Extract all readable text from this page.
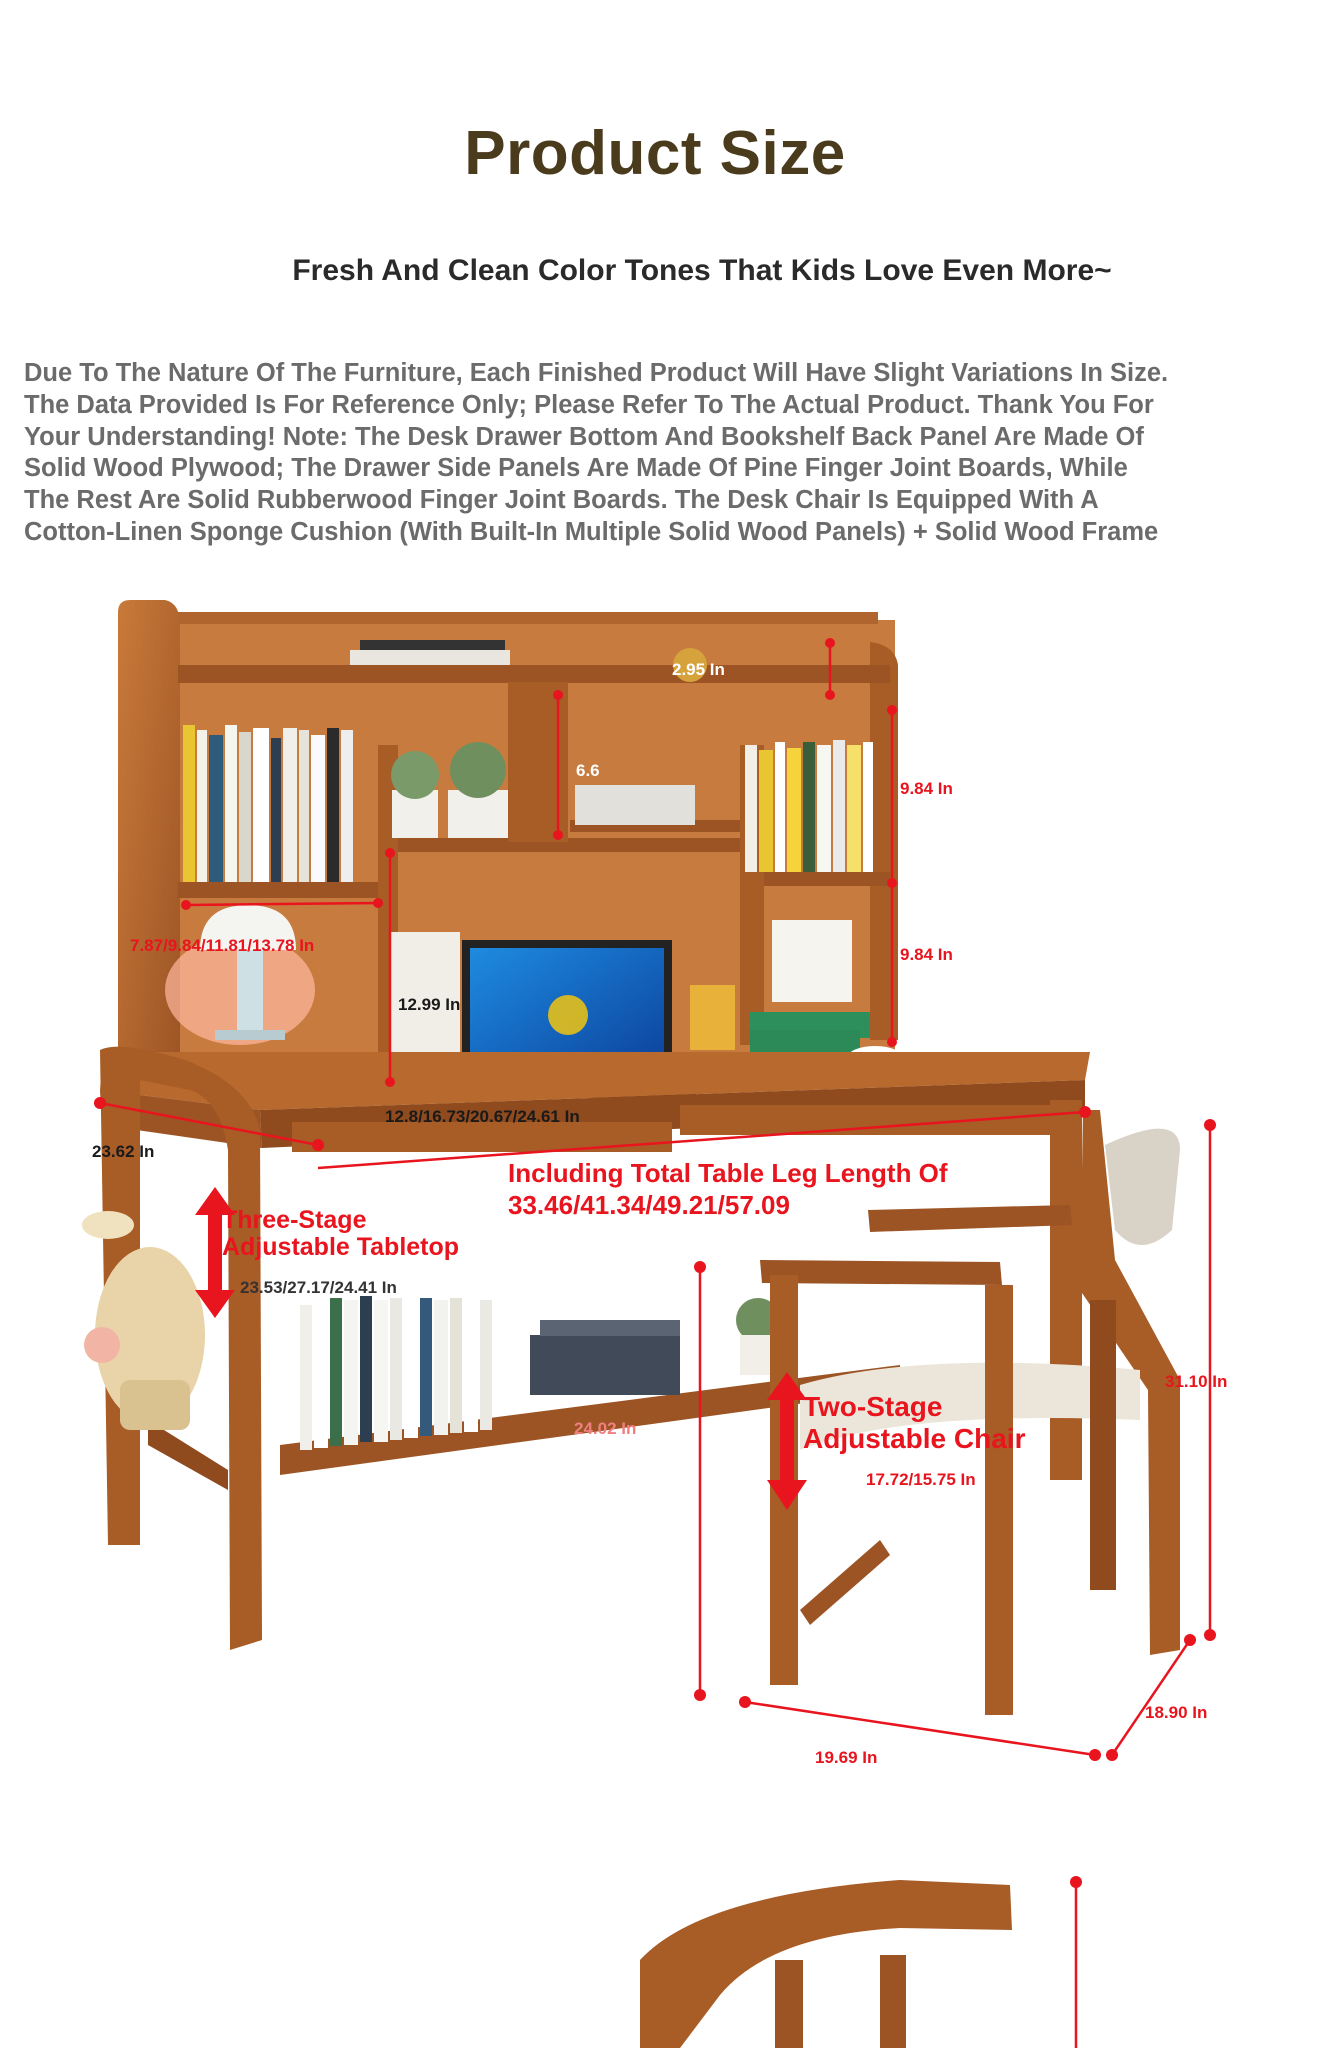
Product Size
Fresh And Clean Color Tones That Kids Love Even More~
Due To The Nature Of The Furniture, Each Finished Product Will Have Slight Variations In Size.
The Data Provided Is For Reference Only; Please Refer To The Actual Product. Thank You For
Your Understanding! Note: The Desk Drawer Bottom And Bookshelf Back Panel Are Made Of
Solid Wood Plywood; The Drawer Side Panels Are Made Of Pine Finger Joint Boards, While
The Rest Are Solid Rubberwood Finger Joint Boards. The Desk Chair Is Equipped With A
Cotton-Linen Sponge Cushion (With Built-In Multiple Solid Wood Panels) + Solid Wood Frame
2.95 In
6.6
9.84 In
9.84 In
7.87/9.84/11.81/13.78 In
12.99 In
12.8/16.73/20.67/24.61 In
23.62 In
Including Total Table Leg Length Of
33.46/41.34/49.21/57.09
Three-Stage
Adjustable Tabletop
23.53/27.17/24.41 In
24.02 In
Two-Stage
Adjustable Chair
17.72/15.75 In
31.10 In
19.69 In
18.90 In
